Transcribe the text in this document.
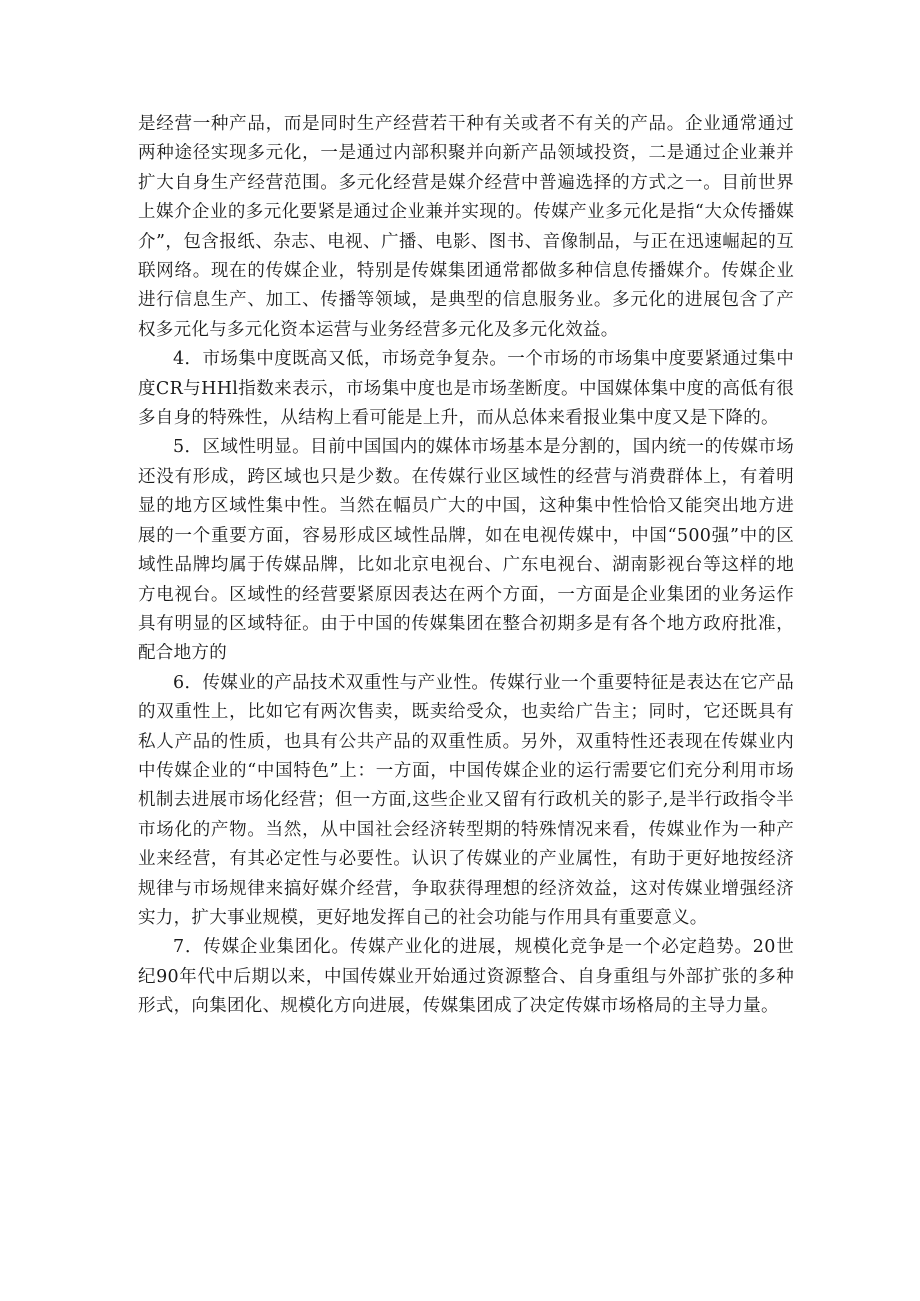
是经营一种产品，而是同时生产经营若干种有关或者不有关的产品。企业通常通过两种途径实现多元化，一是通过内部积聚并向新产品领域投资，二是通过企业兼并扩大自身生产经营范围。多元化经营是媒介经营中普遍选择的方式之一。目前世界上媒介企业的多元化要紧是通过企业兼并实现的。传媒产业多元化是指“大众传播媒介”，包含报纸、杂志、电视、广播、电影、图书、音像制品，与正在迅速崛起的互联网络。现在的传媒企业，特别是传媒集团通常都做多种信息传播媒介。传媒企业进行信息生产、加工、传播等领域，是典型的信息服务业。多元化的进展包含了产权多元化与多元化资本运营与业务经营多元化及多元化效益。

4．市场集中度既高又低，市场竞争复杂。一个市场的市场集中度要紧通过集中度CR与HHl指数来表示，市场集中度也是市场垄断度。中国媒体集中度的高低有很多自身的特殊性，从结构上看可能是上升，而从总体来看报业集中度又是下降的。

5．区域性明显。目前中国国内的媒体市场基本是分割的，国内统一的传媒市场还没有形成，跨区域也只是少数。在传媒行业区域性的经营与消费群体上，有着明显的地方区域性集中性。当然在幅员广大的中国，这种集中性恰恰又能突出地方进展的一个重要方面，容易形成区域性品牌，如在电视传媒中，中国“500强”中的区域性品牌均属于传媒品牌，比如北京电视台、广东电视台、湖南影视台等这样的地方电视台。区域性的经营要紧原因表达在两个方面，一方面是企业集团的业务运作具有明显的区域特征。由于中国的传媒集团在整合初期多是有各个地方政府批准，配合地方的

6．传媒业的产品技术双重性与产业性。传媒行业一个重要特征是表达在它产品的双重性上，比如它有两次售卖，既卖给受众，也卖给广告主；同时，它还既具有私人产品的性质，也具有公共产品的双重性质。另外，双重特性还表现在传媒业内中传媒企业的“中国特色”上：一方面，中国传媒企业的运行需要它们充分利用市场机制去进展市场化经营；但一方面,这些企业又留有行政机关的影子,是半行政指令半市场化的产物。当然，从中国社会经济转型期的特殊情况来看，传媒业作为一种产业来经营，有其必定性与必要性。认识了传媒业的产业属性，有助于更好地按经济规律与市场规律来搞好媒介经营，争取获得理想的经济效益，这对传媒业增强经济实力，扩大事业规模，更好地发挥自己的社会功能与作用具有重要意义。

7．传媒企业集团化。传媒产业化的进展，规模化竞争是一个必定趋势。20世纪90年代中后期以来，中国传媒业开始通过资源整合、自身重组与外部扩张的多种形式，向集团化、规模化方向进展，传媒集团成了决定传媒市场格局的主导力量。
